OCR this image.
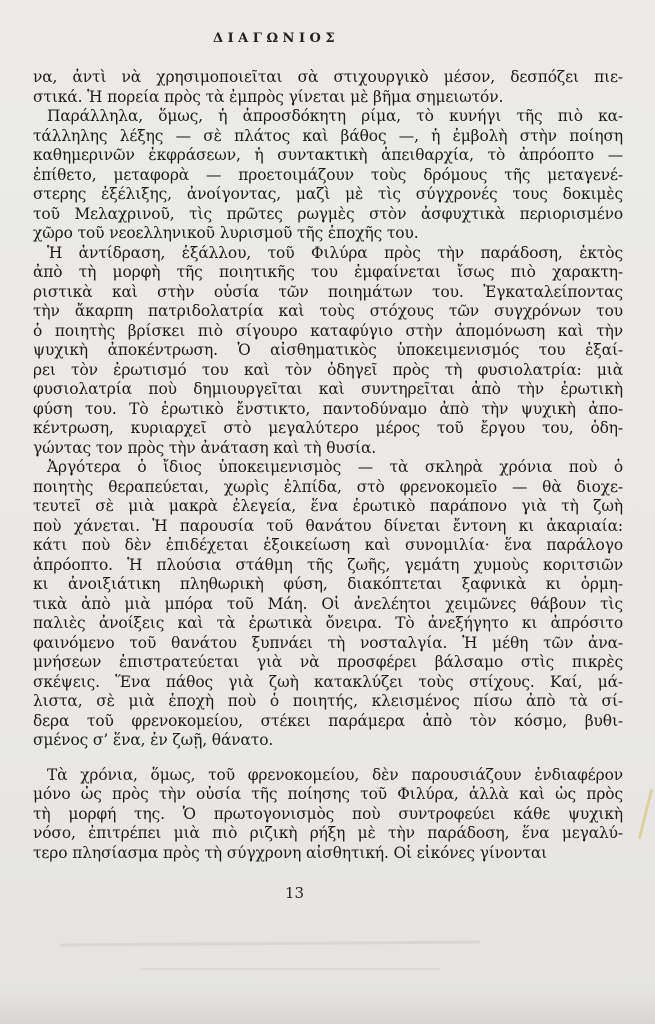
ΔΙΑΓΩΝΙΟΣ
να, ἀντὶ νὰ χρησιμοποιεῖται σὰ στιχουργικὸ μέσον, δεσπόζει πιε-
στικά. Ἡ πορεία πρὸς τὰ ἐμπρὸς γίνεται μὲ βῆμα σημειωτόν.
Παράλληλα, ὅμως, ἡ ἀπροσδόκητη ρίμα, τὸ κυνήγι τῆς πιὸ κα-
τάλληλης λέξης — σὲ πλάτος καὶ βάθος —, ἡ ἐμβολὴ στὴν ποίηση
καθημερινῶν ἐκφράσεων, ἡ συντακτικὴ ἀπειθαρχία, τὸ ἀπρόοπτο —
ἐπίθετο, μεταφορὰ — προετοιμάζουν τοὺς δρόμους τῆς μεταγενέ-
στερης ἐξέλιξης, ἀνοίγοντας, μαζὶ μὲ τὶς σύγχρονές τους δοκιμὲς
τοῦ Μελαχρινοῦ, τὶς πρῶτες ρωγμὲς στὸν ἀσφυχτικὰ περιορισμένο
χῶρο τοῦ νεοελληνικοῦ λυρισμοῦ τῆς ἐποχῆς του.
Ἡ ἀντίδραση, ἐξάλλου, τοῦ Φιλύρα πρὸς τὴν παράδοση, ἐκτὸς
ἀπὸ τὴ μορφὴ τῆς ποιητικῆς του ἐμφαίνεται ἴσως πιὸ χαρακτη-
ριστικὰ καὶ στὴν οὐσία τῶν ποιημάτων του. Ἐγκαταλείποντας
τὴν ἄκαρπη πατριδολατρία καὶ τοὺς στόχους τῶν συγχρόνων του
ὁ ποιητὴς βρίσκει πιὸ σίγουρο καταφύγιο στὴν ἀπομόνωση καὶ τὴν
ψυχικὴ ἀποκέντρωση. Ὁ αἰσθηματικὸς ὑποκειμενισμός του ἐξαί-
ρει τὸν ἐρωτισμό του καὶ τὸν ὁδηγεῖ πρὸς τὴ φυσιολατρία: μιὰ
φυσιολατρία ποὺ δημιουργεῖται καὶ συντηρεῖται ἀπὸ τὴν ἐρωτικὴ
φύση του. Τὸ ἐρωτικὸ ἔνστικτο, παντοδύναμο ἀπὸ τὴν ψυχικὴ ἀπο-
κέντρωση, κυριαρχεῖ στὸ μεγαλύτερο μέρος τοῦ ἔργου του, ὁδη-
γώντας τον πρὸς τὴν ἀνάταση καὶ τὴ θυσία.
Ἀργότερα ὁ ἴδιος ὑποκειμενισμὸς — τὰ σκληρὰ χρόνια ποὺ ὁ
ποιητὴς θεραπεύεται, χωρὶς ἐλπίδα, στὸ φρενοκομεῖο — θὰ διοχε-
τευτεῖ σὲ μιὰ μακρὰ ἐλεγεία, ἕνα ἐρωτικὸ παράπονο γιὰ τὴ ζωὴ
ποὺ χάνεται. Ἡ παρουσία τοῦ θανάτου δίνεται ἔντονη κι ἀκαριαία:
κάτι ποὺ δὲν ἐπιδέχεται ἐξοικείωση καὶ συνομιλία· ἕνα παράλογο
ἀπρόοπτο. Ἡ πλούσια στάθμη τῆς ζωῆς, γεμάτη χυμοὺς κοριτσιῶν
κι ἀνοιξιάτικη πληθωρικὴ φύση, διακόπτεται ξαφνικὰ κι ὁρμη-
τικὰ ἀπὸ μιὰ μπόρα τοῦ Μάη. Οἱ ἀνελέητοι χειμῶνες θάβουν τὶς
παλιὲς ἀνοίξεις καὶ τὰ ἐρωτικὰ ὄνειρα. Τὸ ἀνεξήγητο κι ἀπρόσιτο
φαινόμενο τοῦ θανάτου ξυπνάει τὴ νοσταλγία. Ἡ μέθη τῶν ἀνα-
μνήσεων ἐπιστρατεύεται γιὰ νὰ προσφέρει βάλσαμο στὶς πικρὲς
σκέψεις. Ἕνα πάθος γιὰ ζωὴ κατακλύζει τοὺς στίχους. Καί, μά-
λιστα, σὲ μιὰ ἐποχὴ ποὺ ὁ ποιητής, κλεισμένος πίσω ἀπὸ τὰ σί-
δερα τοῦ φρενοκομείου, στέκει παράμερα ἀπὸ τὸν κόσμο, βυθι-
σμένος σ’ ἕνα, ἐν ζωῇ, θάνατο.
Τὰ χρόνια, ὅμως, τοῦ φρενοκομείου, δὲν παρουσιάζουν ἐνδιαφέρον
μόνο ὡς πρὸς τὴν οὐσία τῆς ποίησης τοῦ Φιλύρα, ἀλλὰ καὶ ὡς πρὸς
τὴ μορφή της. Ὁ πρωτογονισμὸς ποὺ συντροφεύει κάθε ψυχικὴ
νόσο, ἐπιτρέπει μιὰ πιὸ ριζικὴ ρήξη μὲ τὴν παράδοση, ἕνα μεγαλύ-
τερο πλησίασμα πρὸς τὴ σύγχρονη αἰσθητική. Οἱ εἰκόνες γίνονται
13
